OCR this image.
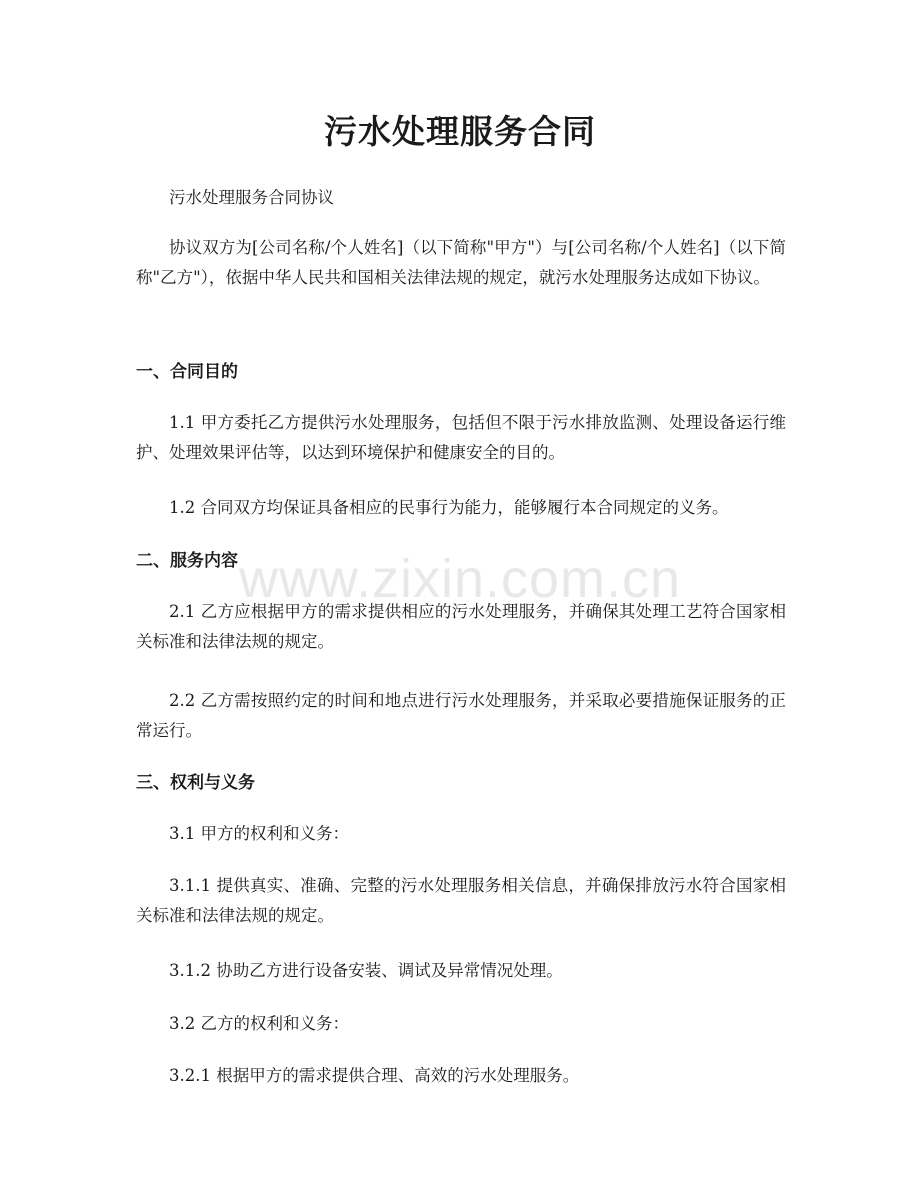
污水处理服务合同

污水处理服务合同协议

协议双方为[公司名称/个人姓名]（以下简称"甲方"）与[公司名称/个人姓名]（以下简称"乙方"），依据中华人民共和国相关法律法规的规定，就污水处理服务达成如下协议。

一、合同目的

1.1 甲方委托乙方提供污水处理服务，包括但不限于污水排放监测、处理设备运行维护、处理效果评估等，以达到环境保护和健康安全的目的。

1.2 合同双方均保证具备相应的民事行为能力，能够履行本合同规定的义务。

二、服务内容

2.1 乙方应根据甲方的需求提供相应的污水处理服务，并确保其处理工艺符合国家相关标准和法律法规的规定。

2.2 乙方需按照约定的时间和地点进行污水处理服务，并采取必要措施保证服务的正常运行。

三、权利与义务

3.1 甲方的权利和义务：

3.1.1 提供真实、准确、完整的污水处理服务相关信息，并确保排放污水符合国家相关标准和法律法规的规定。

3.1.2 协助乙方进行设备安装、调试及异常情况处理。

3.2 乙方的权利和义务：

3.2.1 根据甲方的需求提供合理、高效的污水处理服务。

www.zixin.com.cn
